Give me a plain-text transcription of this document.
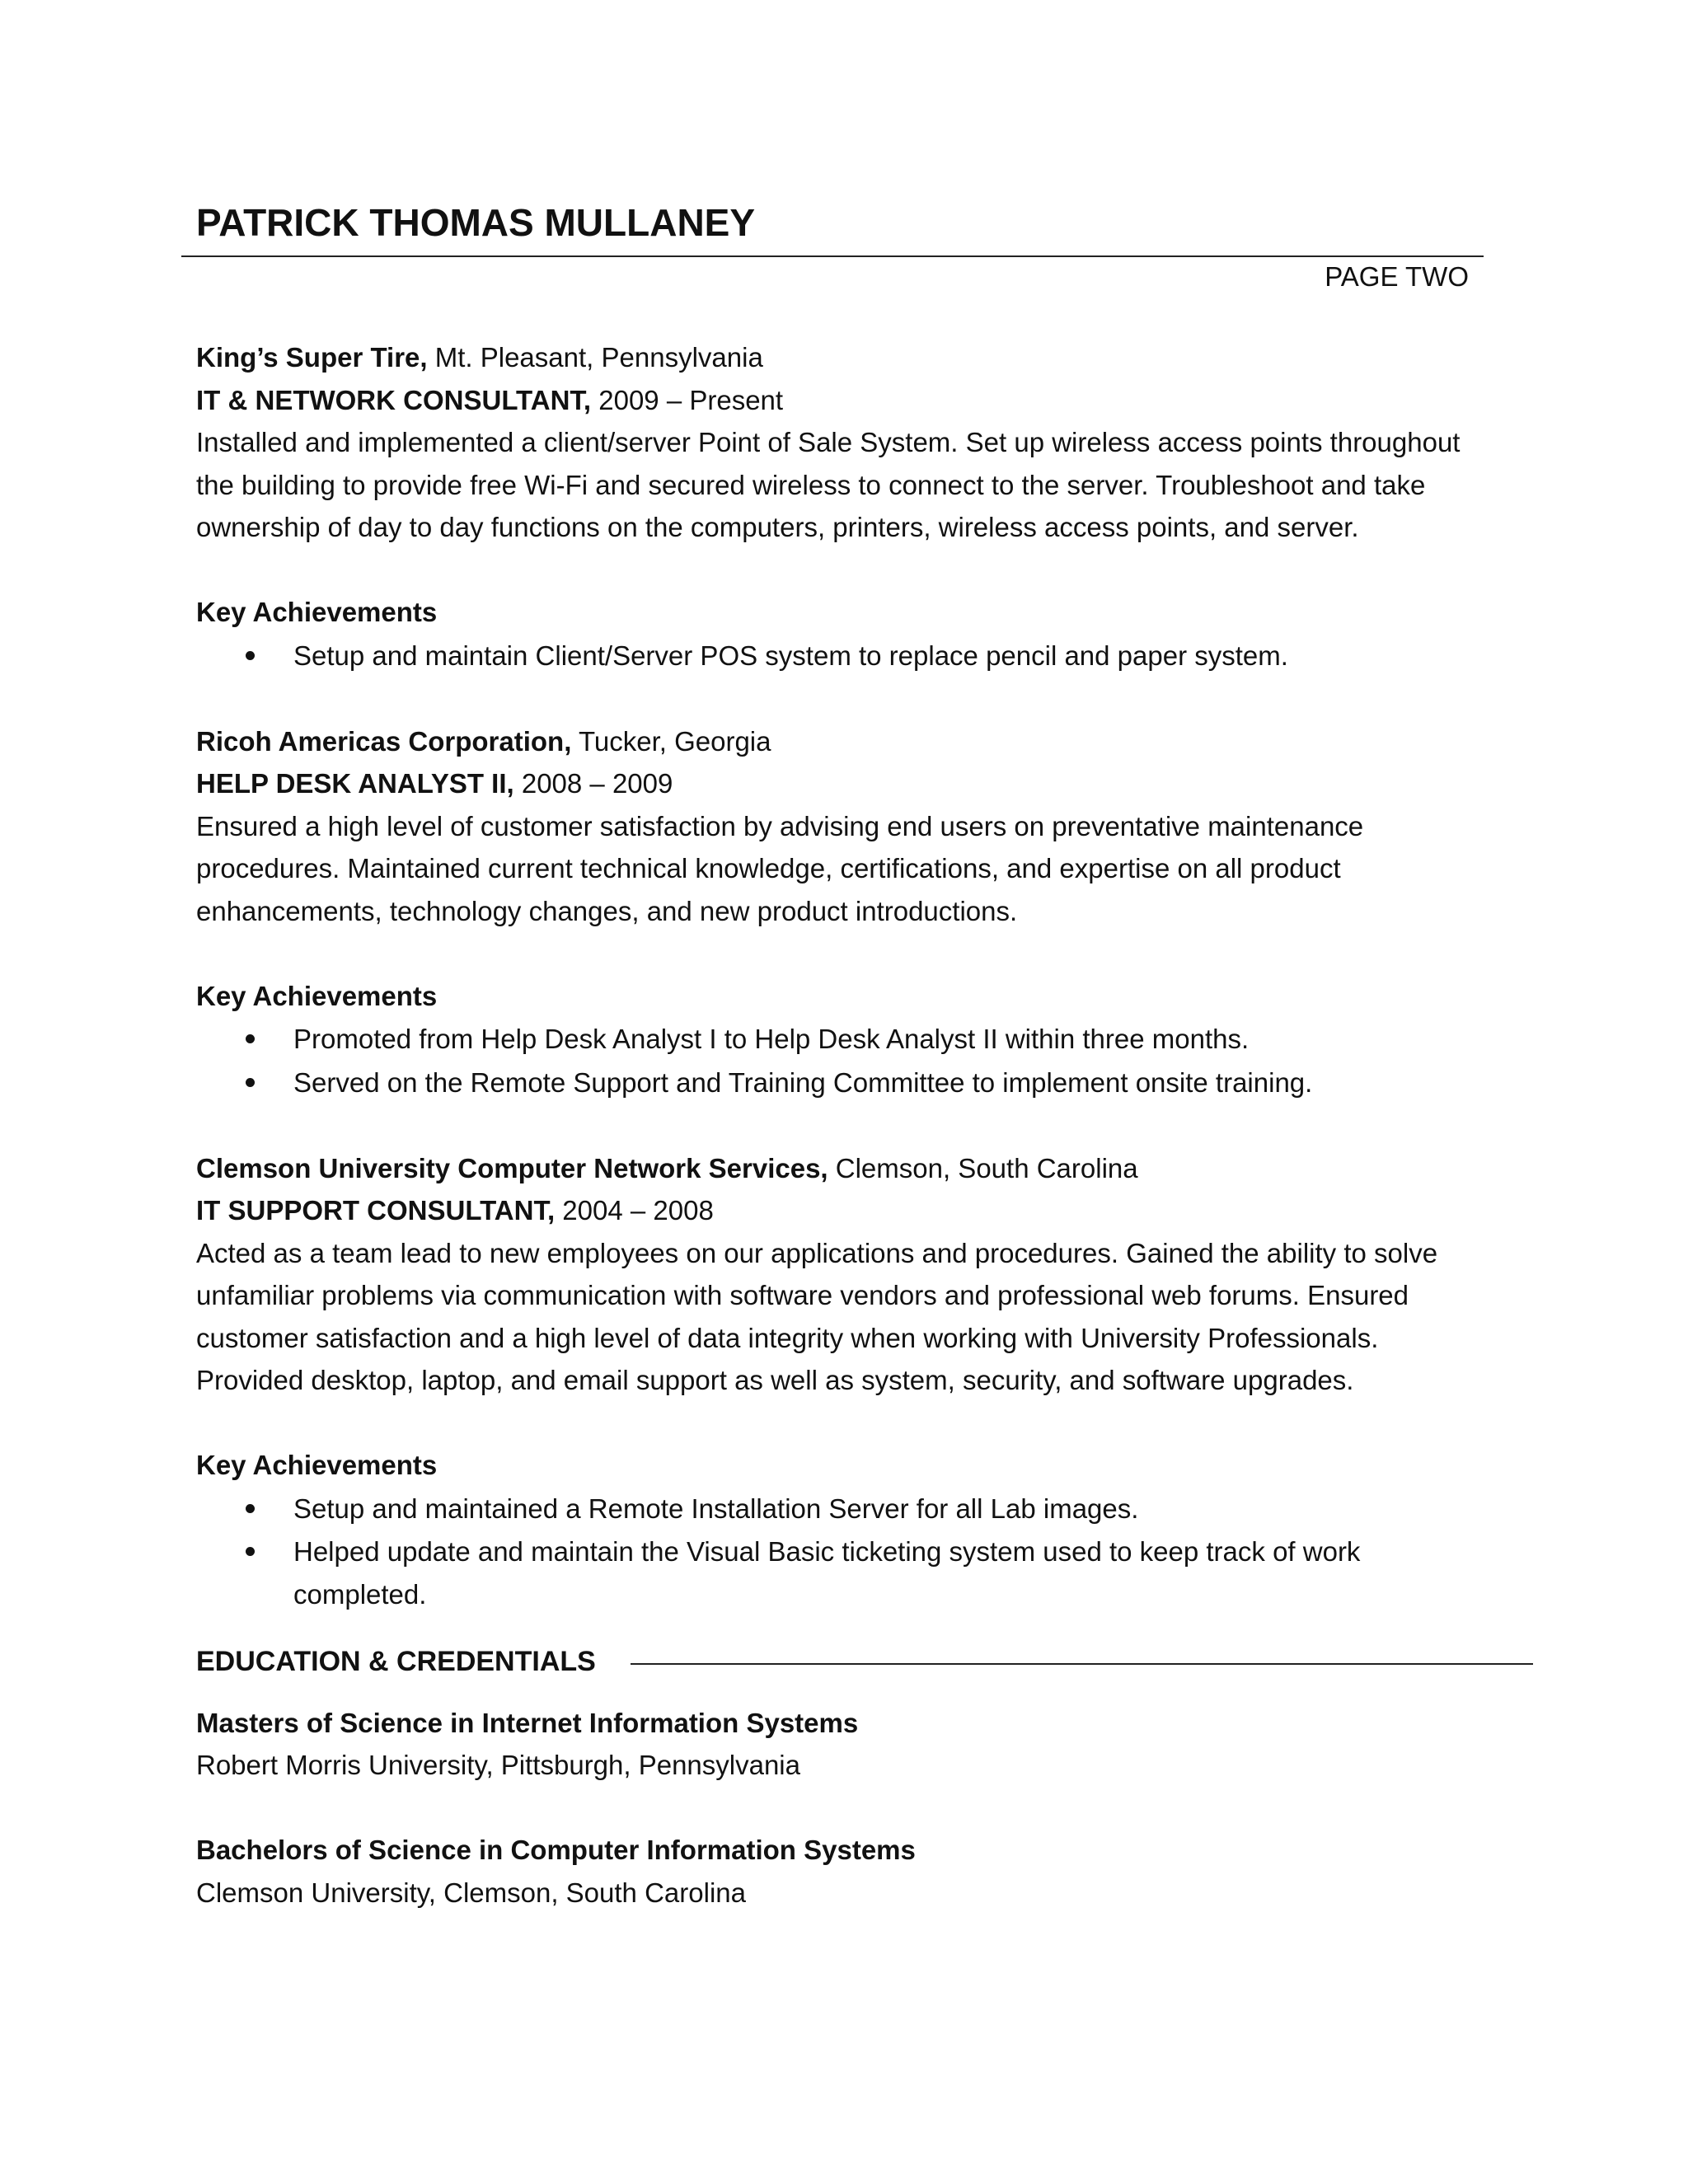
PATRICK THOMAS MULLANEY
PAGE TWO

King’s Super Tire, Mt. Pleasant, Pennsylvania

IT & NETWORK CONSULTANT, 2009 – Present

Installed and implemented a client/server Point of Sale System. Set up wireless access points throughout the building to provide free Wi-Fi and secured wireless to connect to the server. Troubleshoot and take ownership of day to day functions on the computers, printers, wireless access points, and server.

Key Achievements

Setup and maintain Client/Server POS system to replace pencil and paper system.

Ricoh Americas Corporation, Tucker, Georgia

HELP DESK ANALYST II, 2008 – 2009

Ensured a high level of customer satisfaction by advising end users on preventative maintenance procedures. Maintained current technical knowledge, certifications, and expertise on all product enhancements, technology changes, and new product introductions.

Key Achievements

Promoted from Help Desk Analyst I to Help Desk Analyst II within three months.
Served on the Remote Support and Training Committee to implement onsite training.

Clemson University Computer Network Services, Clemson, South Carolina

IT SUPPORT CONSULTANT, 2004 – 2008

Acted as a team lead to new employees on our applications and procedures. Gained the ability to solve unfamiliar problems via communication with software vendors and professional web forums. Ensured customer satisfaction and a high level of data integrity when working with University Professionals. Provided desktop, laptop, and email support as well as system, security, and software upgrades.

Key Achievements

Setup and maintained a Remote Installation Server for all Lab images.
Helped update and maintain the Visual Basic ticketing system used to keep track of work completed.
EDUCATION & CREDENTIALS

Masters of Science in Internet Information Systems

Robert Morris University, Pittsburgh, Pennsylvania

Bachelors of Science in Computer Information Systems

Clemson University, Clemson, South Carolina
